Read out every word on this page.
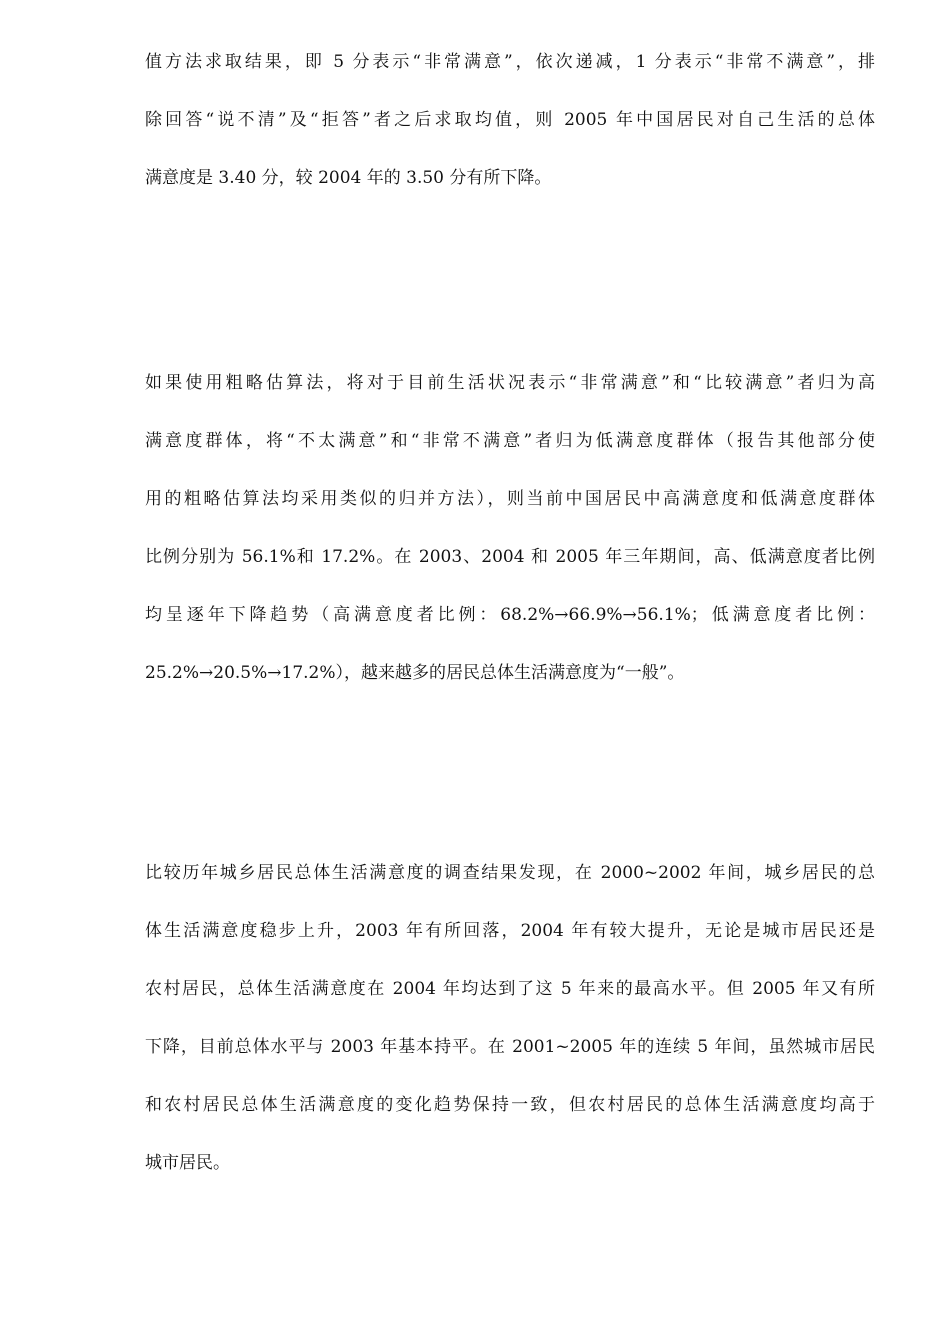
值方法求取结果，即 5 分表示“非常满意”，依次递减，1 分表示“非常不满意”，排
除回答“说不清”及“拒答”者之后求取均值，则 2005 年中国居民对自己生活的总体
满意度是 3.40 分，较 2004 年的 3.50 分有所下降。
如果使用粗略估算法，将对于目前生活状况表示“非常满意”和“比较满意”者归为高
满意度群体，将“不太满意”和“非常不满意”者归为低满意度群体（报告其他部分使
用的粗略估算法均采用类似的归并方法），则当前中国居民中高满意度和低满意度群体
比例分别为 56.1%和 17.2%。在 2003、2004 和 2005 年三年期间，高、低满意度者比例
均呈逐年下降趋势（高满意度者比例：68.2%→66.9%→56.1%；低满意度者比例：
25.2%→20.5%→17.2%），越来越多的居民总体生活满意度为“一般”。
比较历年城乡居民总体生活满意度的调查结果发现，在 2000~2002 年间，城乡居民的总
体生活满意度稳步上升，2003 年有所回落，2004 年有较大提升，无论是城市居民还是
农村居民，总体生活满意度在 2004 年均达到了这 5 年来的最高水平。但 2005 年又有所
下降，目前总体水平与 2003 年基本持平。在 2001~2005 年的连续 5 年间，虽然城市居民
和农村居民总体生活满意度的变化趋势保持一致，但农村居民的总体生活满意度均高于
城市居民。
